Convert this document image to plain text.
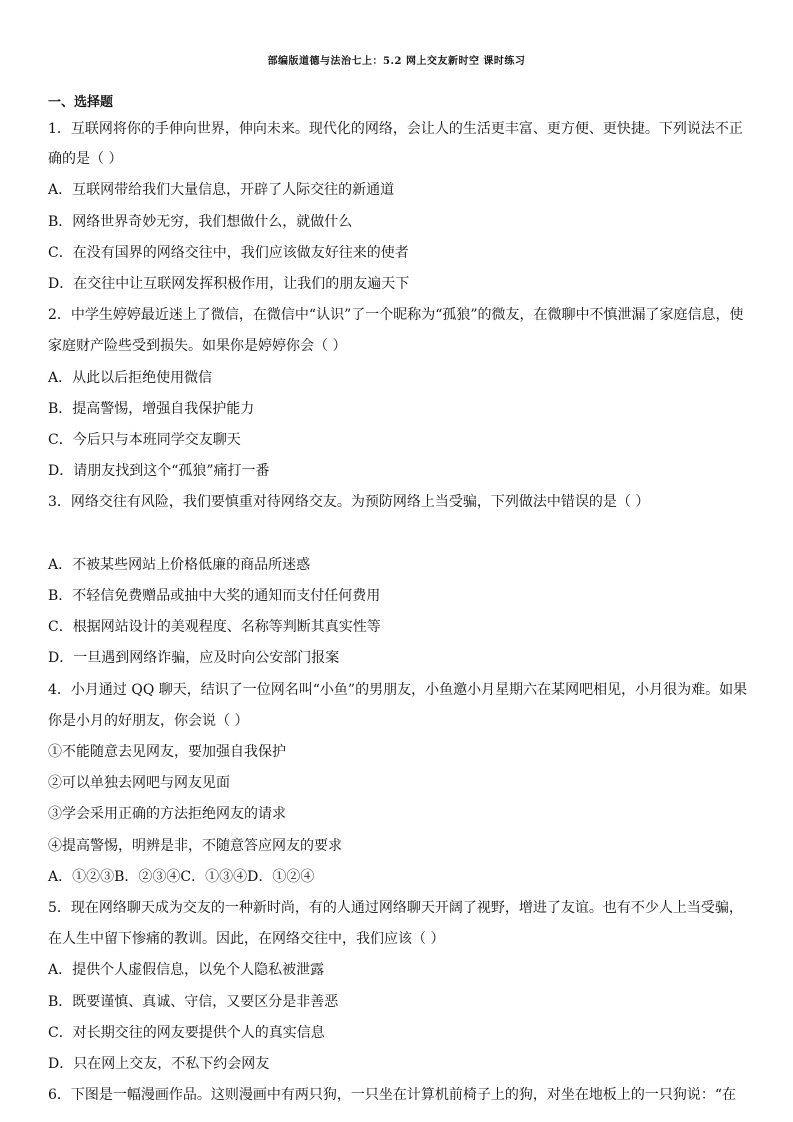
部编版道德与法治七上：5.2 网上交友新时空 课时练习
一、选择题
1．互联网将你的手伸向世界，伸向未来。现代化的网络，会让人的生活更丰富、更方便、更快捷。下列说法不正
确的是（ ）
A．互联网带给我们大量信息，开辟了人际交往的新通道
B．网络世界奇妙无穷，我们想做什么，就做什么
C．在没有国界的网络交往中，我们应该做友好往来的使者
D．在交往中让互联网发挥积极作用，让我们的朋友遍天下
2．中学生婷婷最近迷上了微信，在微信中“认识”了一个昵称为“孤狼”的微友，在微聊中不慎泄漏了家庭信息，使
家庭财产险些受到损失。如果你是婷婷你会（ ）
A．从此以后拒绝使用微信
B．提高警惕，增强自我保护能力
C．今后只与本班同学交友聊天
D．请朋友找到这个“孤狼”痛打一番
3．网络交往有风险，我们要慎重对待网络交友。为预防网络上当受骗，下列做法中错误的是（ ）
A．不被某些网站上价格低廉的商品所迷惑
B．不轻信免费赠品或抽中大奖的通知而支付任何费用
C．根据网站设计的美观程度、名称等判断其真实性等
D．一旦遇到网络诈骗，应及时向公安部门报案
4．小月通过 QQ 聊天，结识了一位网名叫“小鱼”的男朋友，小鱼邀小月星期六在某网吧相见，小月很为难。如果
你是小月的好朋友，你会说（ ）
①不能随意去见网友，要加强自我保护
②可以单独去网吧与网友见面
③学会采用正确的方法拒绝网友的请求
④提高警惕，明辨是非，不随意答应网友的要求
A．①②③B．②③④C．①③④D．①②④
5．现在网络聊天成为交友的一种新时尚，有的人通过网络聊天开阔了视野，增进了友谊。也有不少人上当受骗，
在人生中留下惨痛的教训。因此，在网络交往中，我们应该（ ）
A．提供个人虚假信息，以免个人隐私被泄露
B．既要谨慎、真诚、守信，又要区分是非善恶
C．对长期交往的网友要提供个人的真实信息
D．只在网上交友，不私下约会网友
6．下图是一幅漫画作品。这则漫画中有两只狗，一只坐在计算机前椅子上的狗，对坐在地板上的一只狗说：“在
